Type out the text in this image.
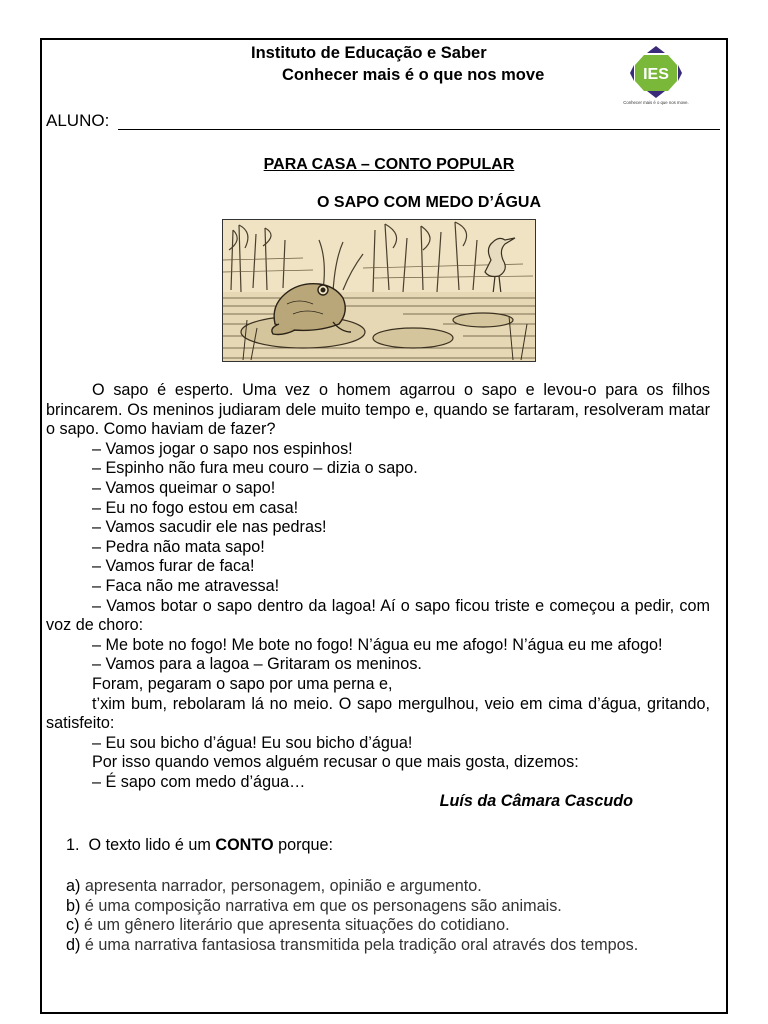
Instituto de Educação e Saber
Conhecer mais é o que nos move	IES
Conhecer mais é o que nos move.
ALUNO:
PARA CASA – CONTO POPULAR
O SAPO COM MEDO D’ÁGUA

O sapo é esperto. Uma vez o homem agarrou o sapo e levou-o para os filhos brincarem. Os meninos judiaram dele muito tempo e, quando se fartaram, resolveram matar o sapo. Como haviam de fazer?

– Vamos jogar o sapo nos espinhos!

– Espinho não fura meu couro – dizia o sapo.

– Vamos queimar o sapo!

– Eu no fogo estou em casa!

– Vamos sacudir ele nas pedras!

– Pedra não mata sapo!

– Vamos furar de faca!

– Faca não me atravessa!

– Vamos botar o sapo dentro da lagoa! Aí o sapo ficou triste e começou a pedir, com voz de choro:

– Me bote no fogo! Me bote no fogo! N’água eu me afogo! N’água eu me afogo!

– Vamos para a lagoa – Gritaram os meninos.

Foram, pegaram o sapo por uma perna e,

t’xim bum, rebolaram lá no meio. O sapo mergulhou, veio em cima d’água, gritando, satisfeito:

– Eu sou bicho d’água! Eu sou bicho d’água!

Por isso quando vemos alguém recusar o que mais gosta, dizemos:

– É sapo com medo d’água…

Luís da Câmara Cascudo

1. O texto lido é um CONTO porque:
a) apresenta narrador, personagem, opinião e argumento.
b) é uma composição narrativa em que os personagens são animais.
c) é um gênero literário que apresenta situações do cotidiano.
d) é uma narrativa fantasiosa transmitida pela tradição oral através dos tempos.
